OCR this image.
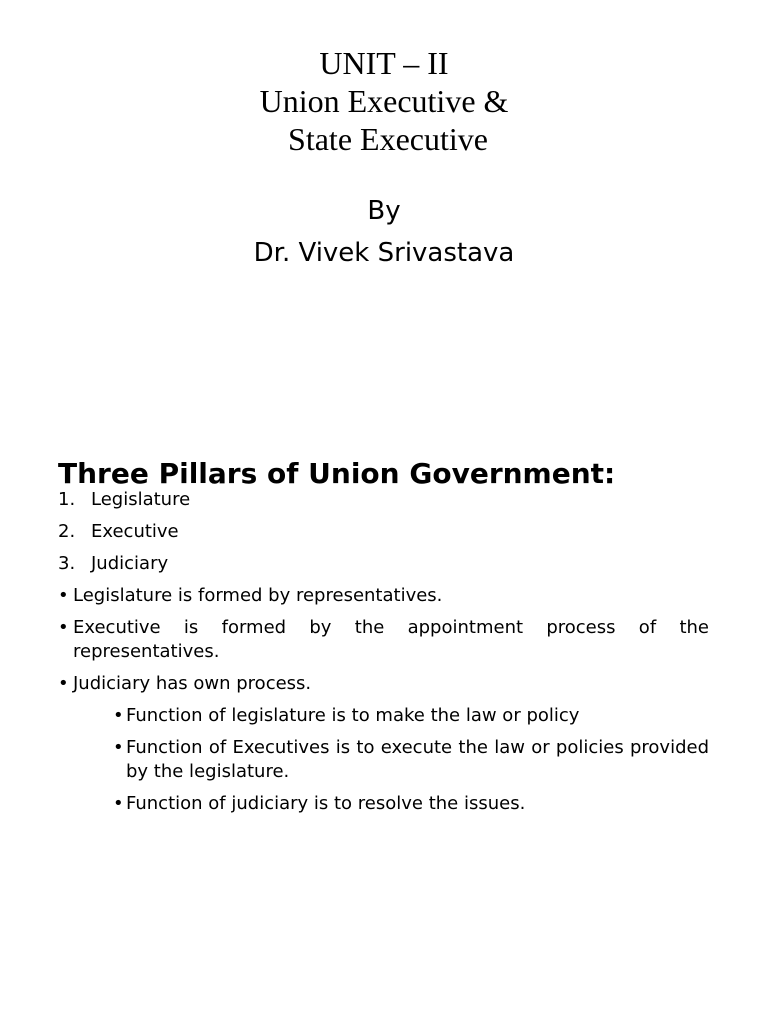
UNIT – II
Union Executive &
State Executive
By
Dr. Vivek Srivastava
Three Pillars of Union Government:
1. Legislature
2. Executive
3. Judiciary
• Legislature is formed by representatives.
• Executive is formed by the appointment process of the representatives.
• Judiciary has own process.
• Function of legislature is to make the law or policy
• Function of Executives is to execute the law or policies provided by the legislature.
• Function of judiciary is to resolve the issues.
